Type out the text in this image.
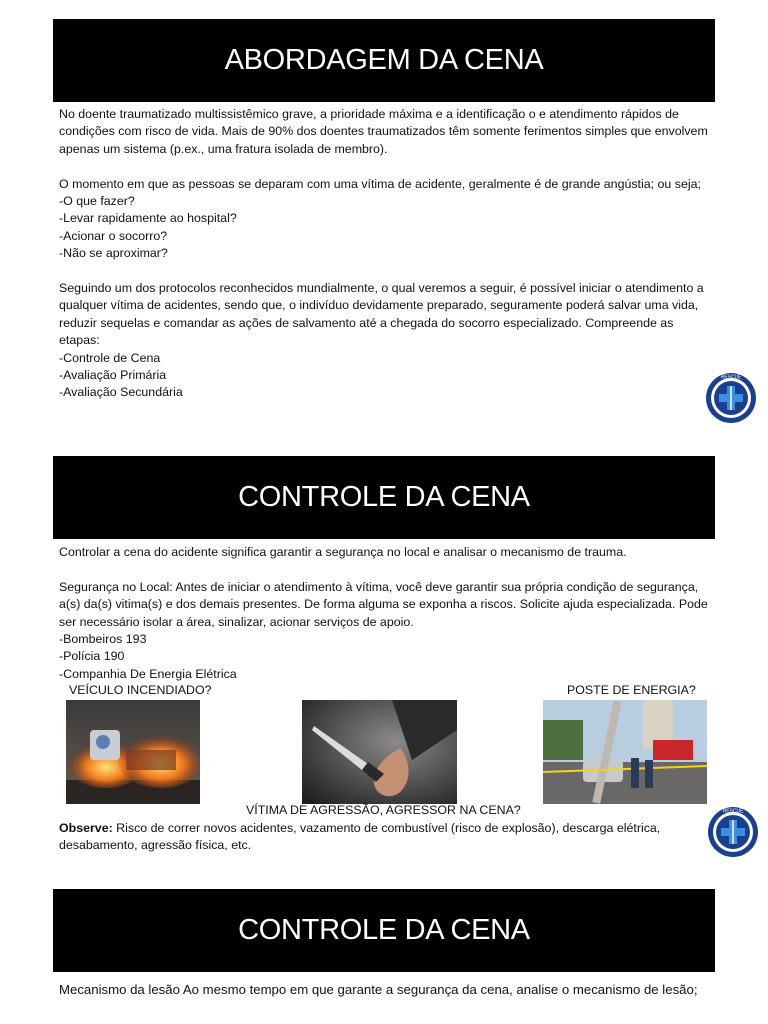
ABORDAGEM DA CENA

No doente traumatizado multissistêmico grave, a prioridade máxima e a identificação o e atendimento rápidos de condições com risco de vida. Mais de 90% dos doentes traumatizados têm somente ferimentos simples que envolvem apenas um sistema (p.ex., uma fratura isolada de membro).

O momento em que as pessoas se deparam com uma vítima de acidente, geralmente é de grande angústia; ou seja;

-O que fazer?

-Levar rapidamente ao hospital?

-Acionar o socorro?

-Não se aproximar?

Seguindo um dos protocolos reconhecidos mundialmente, o qual veremos a seguir, é possível iniciar o atendimento a qualquer vítima de acidentes, sendo que, o indivíduo devidamente preparado, seguramente poderá salvar uma vida, reduzir sequelas e comandar as ações de salvamento até a chegada do socorro especializado. Compreende as etapas:

-Controle de Cena

-Avaliação Primária

-Avaliação Secundária

RESCUE
CONTROLE DA CENA

Controlar a cena do acidente significa garantir a segurança no local e analisar o mecanismo de trauma.

Segurança no Local: Antes de iniciar o atendimento à vítima, você deve garantir sua própria condição de segurança, a(s) da(s) vitima(s) e dos demais presentes. De forma alguma se exponha a riscos. Solicite ajuda especializada. Pode ser necessário isolar a área, sinalizar, acionar serviços de apoio.

-Bombeiros 193

-Polícia 190

-Companhia De Energia Elétrica

VEÍCULO INCENDIADO?	POSTE DE ENERGIA?
VÍTIMA DE AGRESSÃO, AGRESSOR NA CENA?

Observe: Risco de correr novos acidentes, vazamento de combustível (risco de explosão), descarga elétrica, desabamento, agressão física, etc.

RESCUE
CONTROLE DA CENA

Mecanismo da lesão Ao mesmo tempo em que garante a segurança da cena, analise o mecanismo de lesão;
